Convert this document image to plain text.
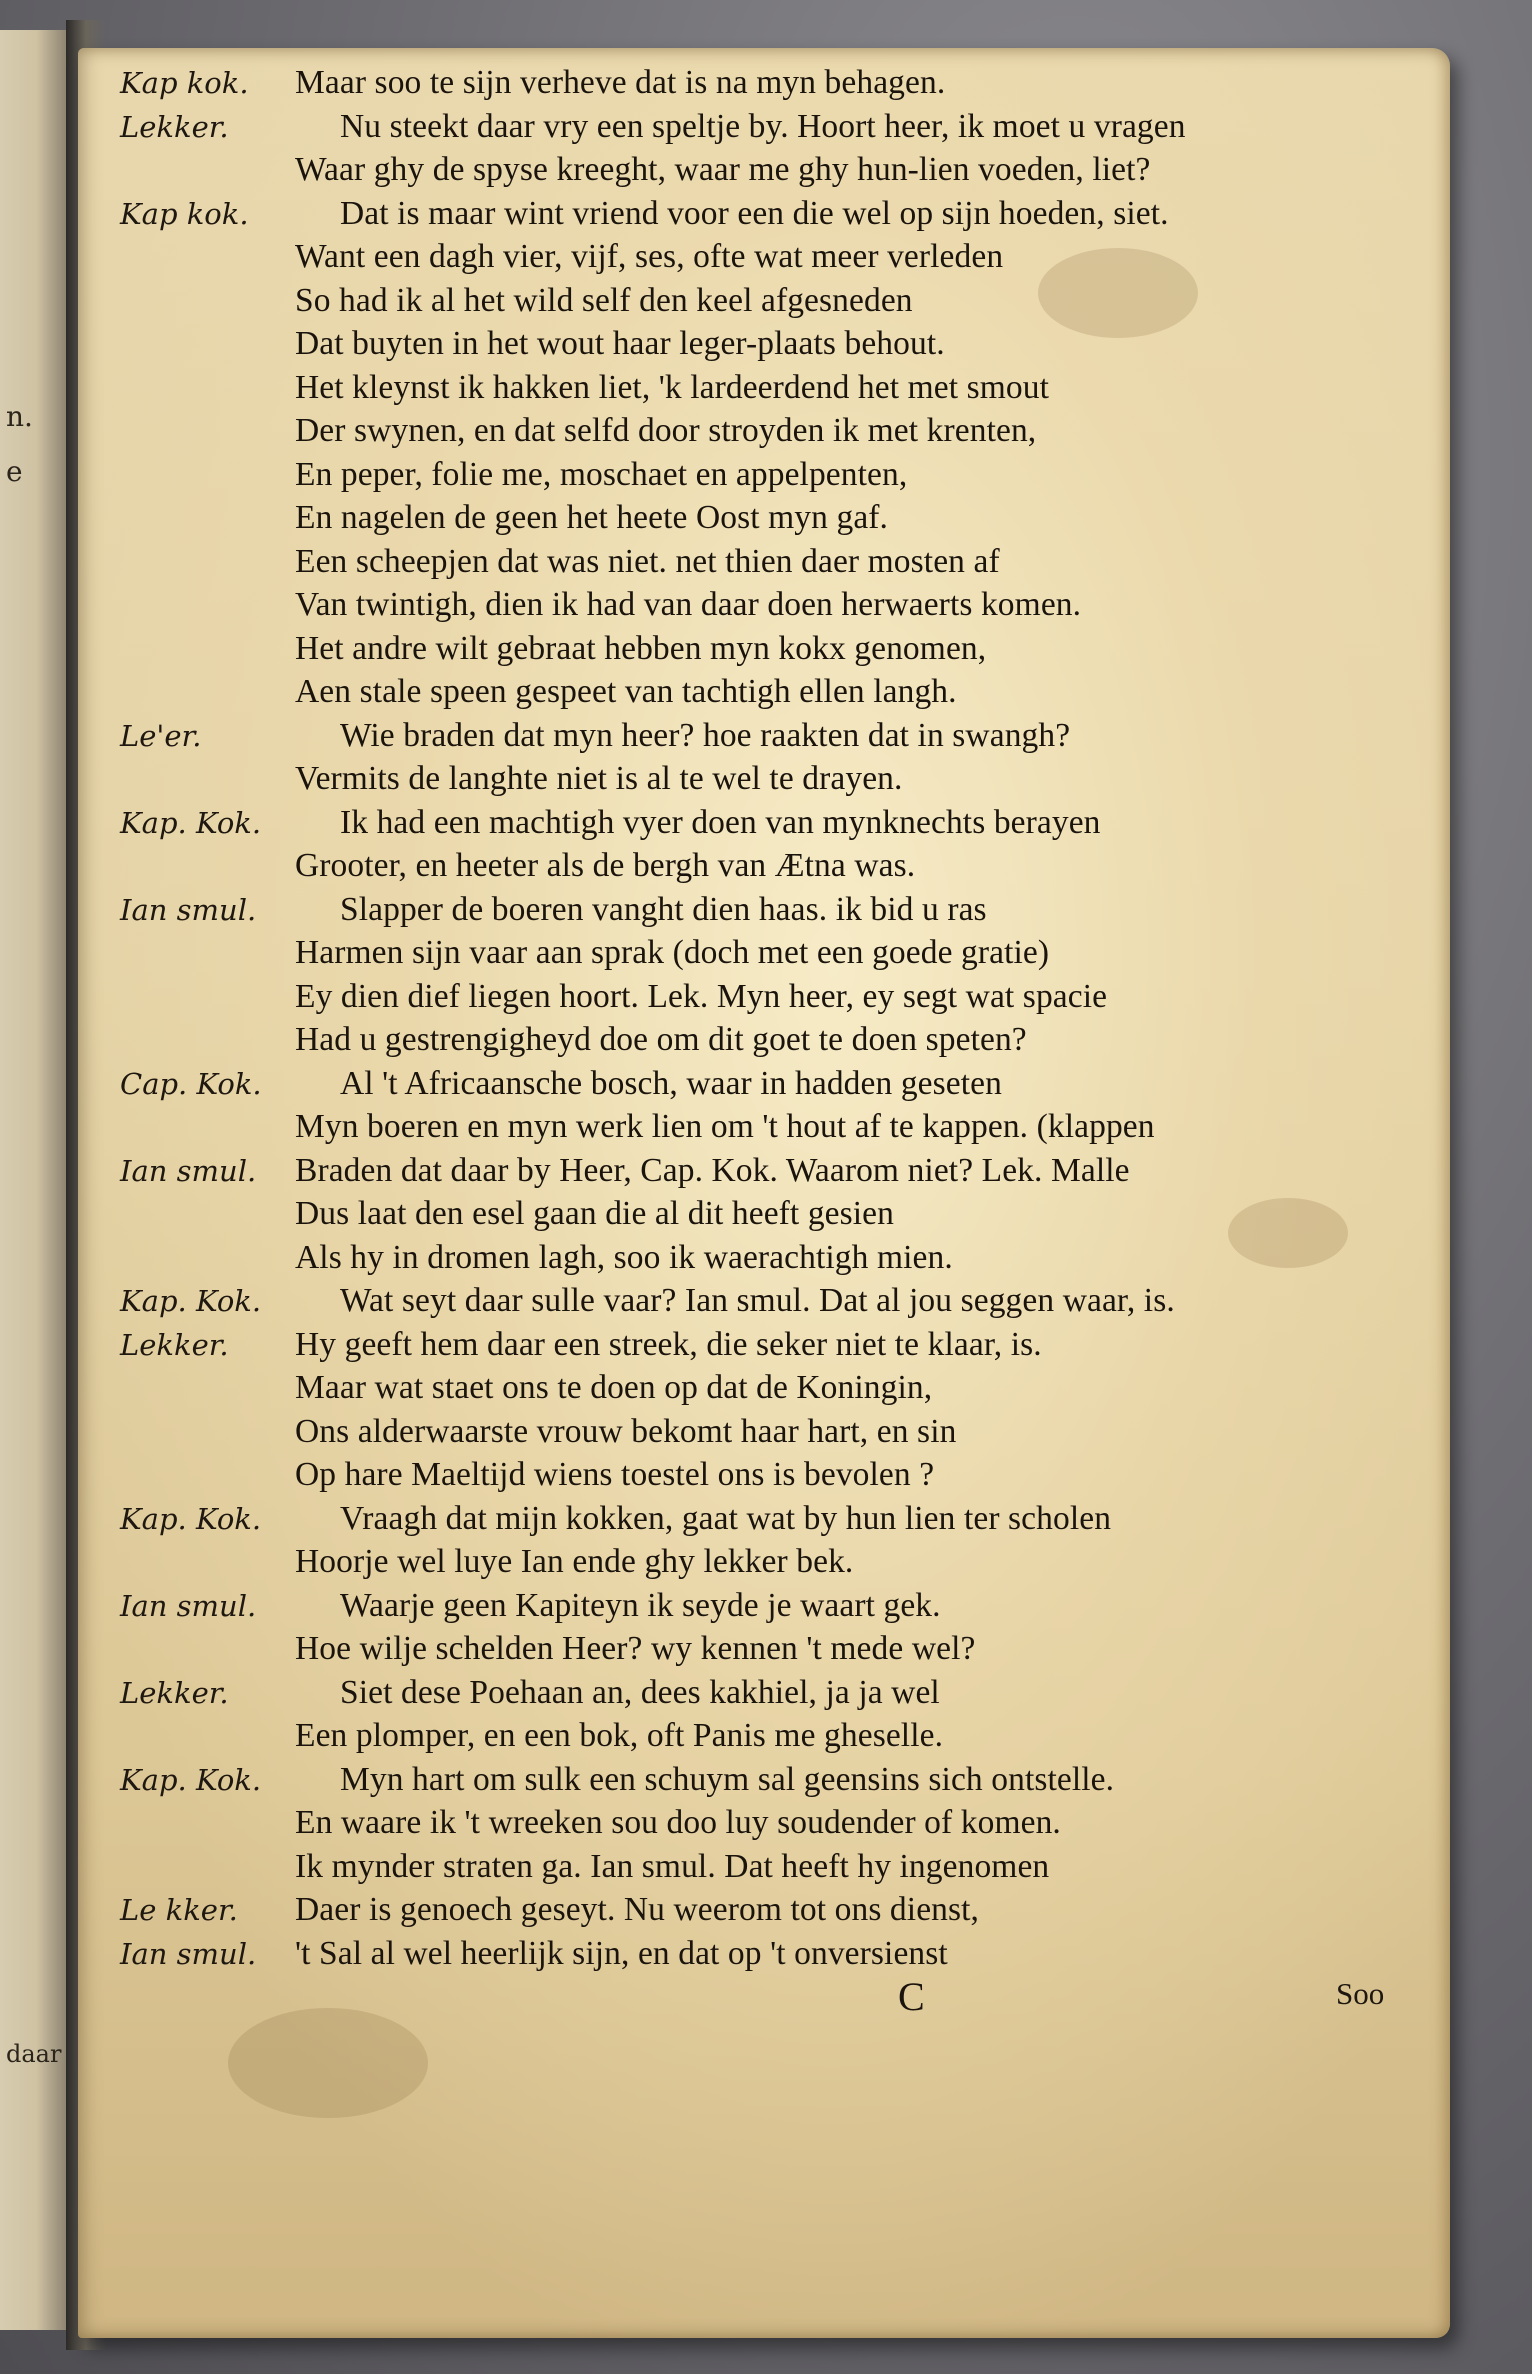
n.
e
daar
Kap kok. Maar soo te sijn verheve dat is na myn behagen.
Lekker.	Nu steekt daar vry een speltje by. Hoort heer, ik moet u vragen
Waar ghy de spyse kreeght, waar me ghy hun-lien voeden, liet?
Kap kok.	Dat is maar wint vriend voor een die wel op sijn hoeden, siet.
Want een dagh vier, vijf, ses, ofte wat meer verleden
So had ik al het wild self den keel afgesneden
Dat buyten in het wout haar leger-plaats behout.
Het kleynst ik hakken liet, 'k lardeerdend het met smout
Der swynen, en dat selfd door stroyden ik met krenten,
En peper, folie me, moschaet en appelpenten,
En nagelen de geen het heete Oost myn gaf.
Een scheepjen dat was niet. net thien daer mosten af
Van twintigh, dien ik had van daar doen herwaerts komen.
Het andre wilt gebraat hebben myn kokx genomen,
Aen stale speen gespeet van tachtigh ellen langh.
Le'er.	Wie braden dat myn heer? hoe raakten dat in swangh?
Vermits de langhte niet is al te wel te drayen.
Kap. Kok. Ik had een machtigh vyer doen van mynknechts berayen
Grooter, en heeter als de bergh van Ætna was.
Ian smul.	Slapper de boeren vanght dien haas. ik bid u ras
Harmen sijn vaar aan sprak (doch met een goede gratie)
Ey dien dief liegen hoort. Lek. Myn heer, ey segt wat spacie
Had u gestrengigheyd doe om dit goet te doen speten?
Cap. Kok. Al 't Africaansche bosch, waar in hadden geseten
Myn boeren en myn werk lien om 't hout af te kappen. (klappen
Ian smul. Braden dat daar by Heer, Cap. Kok. Waarom niet? Lek. Malle
Dus laat den esel gaan die al dit heeft gesien
Als hy in dromen lagh, soo ik waerachtigh mien.
Kap. Kok. Wat seyt daar sulle vaar? Ian smul. Dat al jou seggen waar, is.
Lekker. Hy geeft hem daar een streek, die seker niet te klaar, is.
Maar wat staet ons te doen op dat de Koningin,
Ons alderwaarste vrouw bekomt haar hart, en sin
Op hare Maeltijd wiens toestel ons is bevolen ?
Kap. Kok. Vraagh dat mijn kokken, gaat wat by hun lien ter scholen
Hoorje wel luye Ian ende ghy lekker bek.
Ian smul.	Waarje geen Kapiteyn ik seyde je waart gek.
Hoe wilje schelden Heer? wy kennen 't mede wel?
Lekker.	Siet dese Poehaan an, dees kakhiel, ja ja wel
Een plomper, en een bok, oft Panis me gheselle.
Kap. Kok. Myn hart om sulk een schuym sal geensins sich ontstelle.
En waare ik 't wreeken sou doo luy soudender of komen.
Ik mynder straten ga. Ian smul. Dat heeft hy ingenomen
Le kker. Daer is genoech geseyt. Nu weerom tot ons dienst,
Ian smul. 't Sal al wel heerlijk sijn, en dat op 't onversienst
C	Soo
